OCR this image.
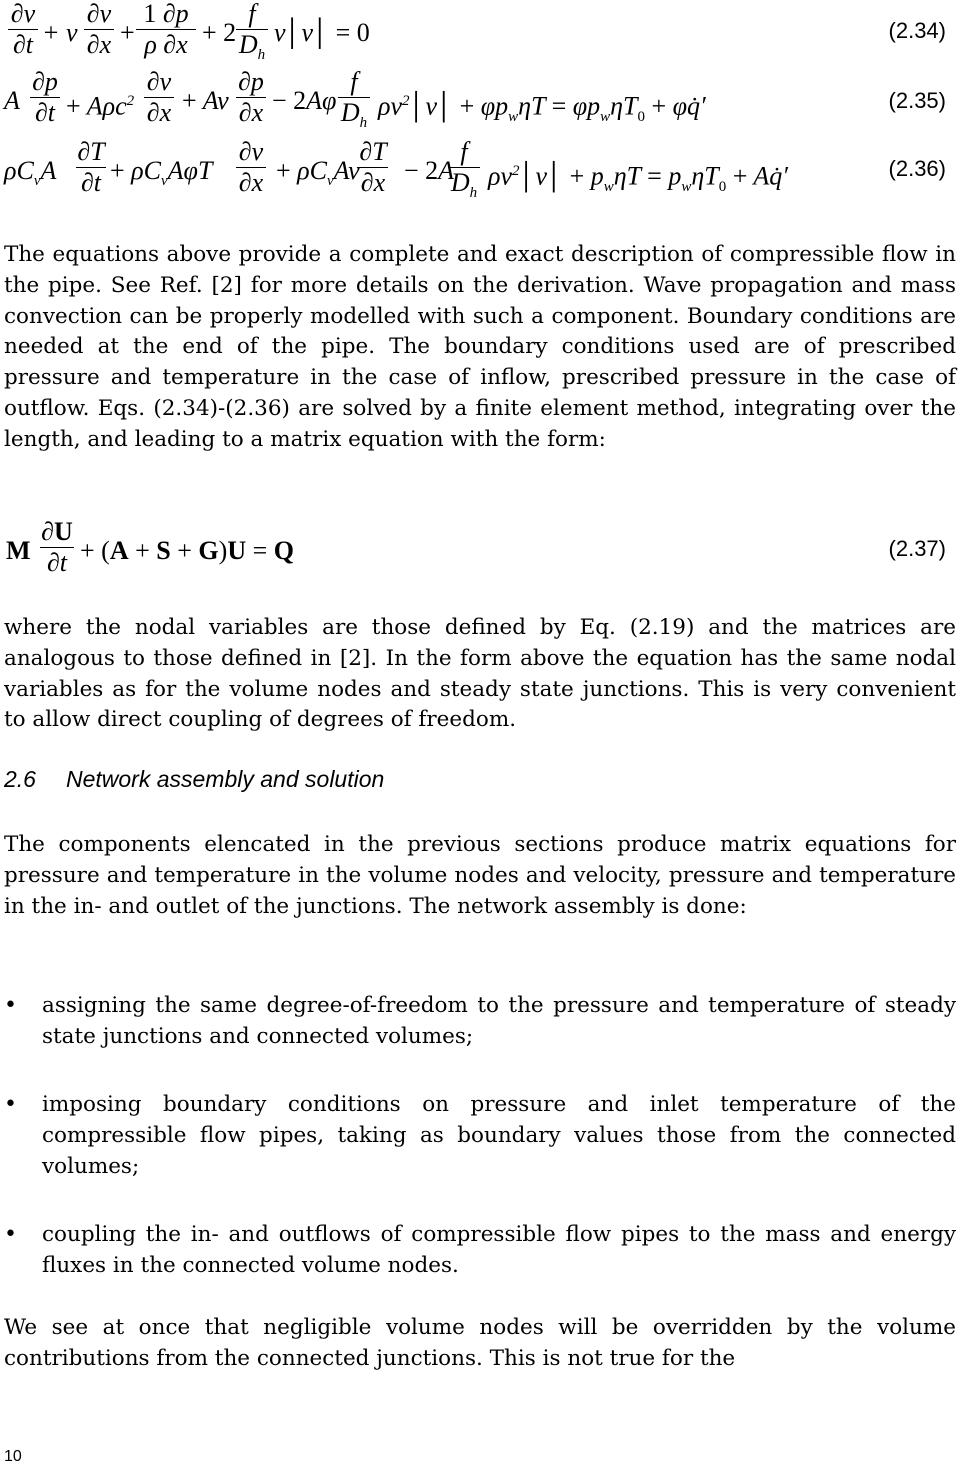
∂v
∂t + v
∂v
∂x +
1 ∂p
ρ ∂x + 2
f
$D_h$
v│v│ = 0	(2.34)
A
∂p
∂t + Aρc$^2$
∂v
∂x + Av
∂p
∂x − 2Aφ
f
$D_h$
$\rho v^2│v│ + \varphi p_w\eta T = \varphi p_w\eta T_0$ + φq̇′	(2.35)
$\rho C_vA$
∂T
$\partial t + \rho C_vA\varphi T$
∂v
$\partial x + \rho C_vAv$
∂T
∂x − 2A
f
$D_h$
$\rho v^2│v│ + p_w\eta T = p_w\eta T_0$ + Aq̇′	(2.36)
The equations above provide a complete and exact description of compressible flow in the pipe. See Ref. [2] for more details on the derivation. Wave propagation and mass convection can be properly modelled with such a component. Boundary conditions are needed at the end of the pipe. The boundary conditions used are of prescribed pressure and temperature in the case of inflow, prescribed pressure in the case of outflow. Eqs. (2.34)-(2.36) are solved by a finite element method, integrating over the length, and leading to a matrix equation with the form:
M
∂U
∂t + (A + S + G)U = Q	(2.37)
where the nodal variables are those defined by Eq. (2.19) and the matrices are analogous to those defined in [2]. In the form above the equation has the same nodal variables as for the volume nodes and steady state junctions. This is very convenient to allow direct coupling of degrees of freedom.
2.6 Network assembly and solution
The components elencated in the previous sections produce matrix equations for pressure and temperature in the volume nodes and velocity, pressure and temperature in the in- and outlet of the junctions. The network assembly is done:
• assigning the same degree-of-freedom to the pressure and temperature of steady state junctions and connected volumes;
• imposing boundary conditions on pressure and inlet temperature of the compressible flow pipes, taking as boundary values those from the connected volumes;
• coupling the in- and outflows of compressible flow pipes to the mass and energy fluxes in the connected volume nodes.
We see at once that negligible volume nodes will be overridden by the volume contributions from the connected junctions. This is not true for the
10
